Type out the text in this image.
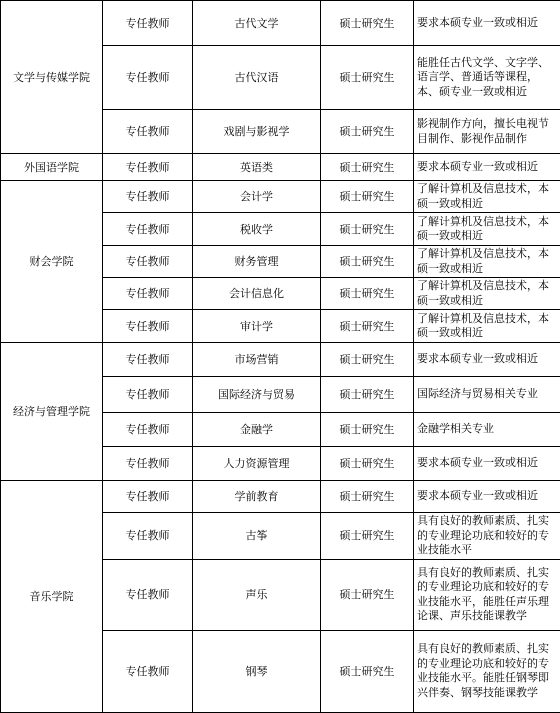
文学与传媒学院	专任教师	古代文学	硕士研究生	要求本硕专业一致或相近
	专任教师	古代汉语	硕士研究生	能胜任古代文学、文字学、语言学、普通话等课程，本、硕专业一致或相近
	专任教师	戏剧与影视学	硕士研究生	影视制作方向，擅长电视节目制作、影视作品制作
外国语学院	专任教师	英语类	硕士研究生	要求本硕专业一致或相近
财会学院	专任教师	会计学	硕士研究生	了解计算机及信息技术，本硕一致或相近
	专任教师	税收学	硕士研究生	了解计算机及信息技术，本硕一致或相近
	专任教师	财务管理	硕士研究生	了解计算机及信息技术，本硕一致或相近
	专任教师	会计信息化	硕士研究生	了解计算机及信息技术，本硕一致或相近
	专任教师	审计学	硕士研究生	了解计算机及信息技术，本硕一致或相近
经济与管理学院	专任教师	市场营销	硕士研究生	要求本硕专业一致或相近
	专任教师	国际经济与贸易	硕士研究生	国际经济与贸易相关专业
	专任教师	金融学	硕士研究生	金融学相关专业
	专任教师	人力资源管理	硕士研究生	要求本硕专业一致或相近
音乐学院	专任教师	学前教育	硕士研究生	要求本硕专业一致或相近
	专任教师	古筝	硕士研究生	具有良好的教师素质、扎实的专业理论功底和较好的专业技能水平
	专任教师	声乐	硕士研究生	具有良好的教师素质、扎实的专业理论功底和较好的专业技能水平，能胜任声乐理论课、声乐技能课教学
	专任教师	钢琴	硕士研究生	具有良好的教师素质、扎实的专业理论功底和较好的专业技能水平。能胜任钢琴即兴伴奏、钢琴技能课教学
